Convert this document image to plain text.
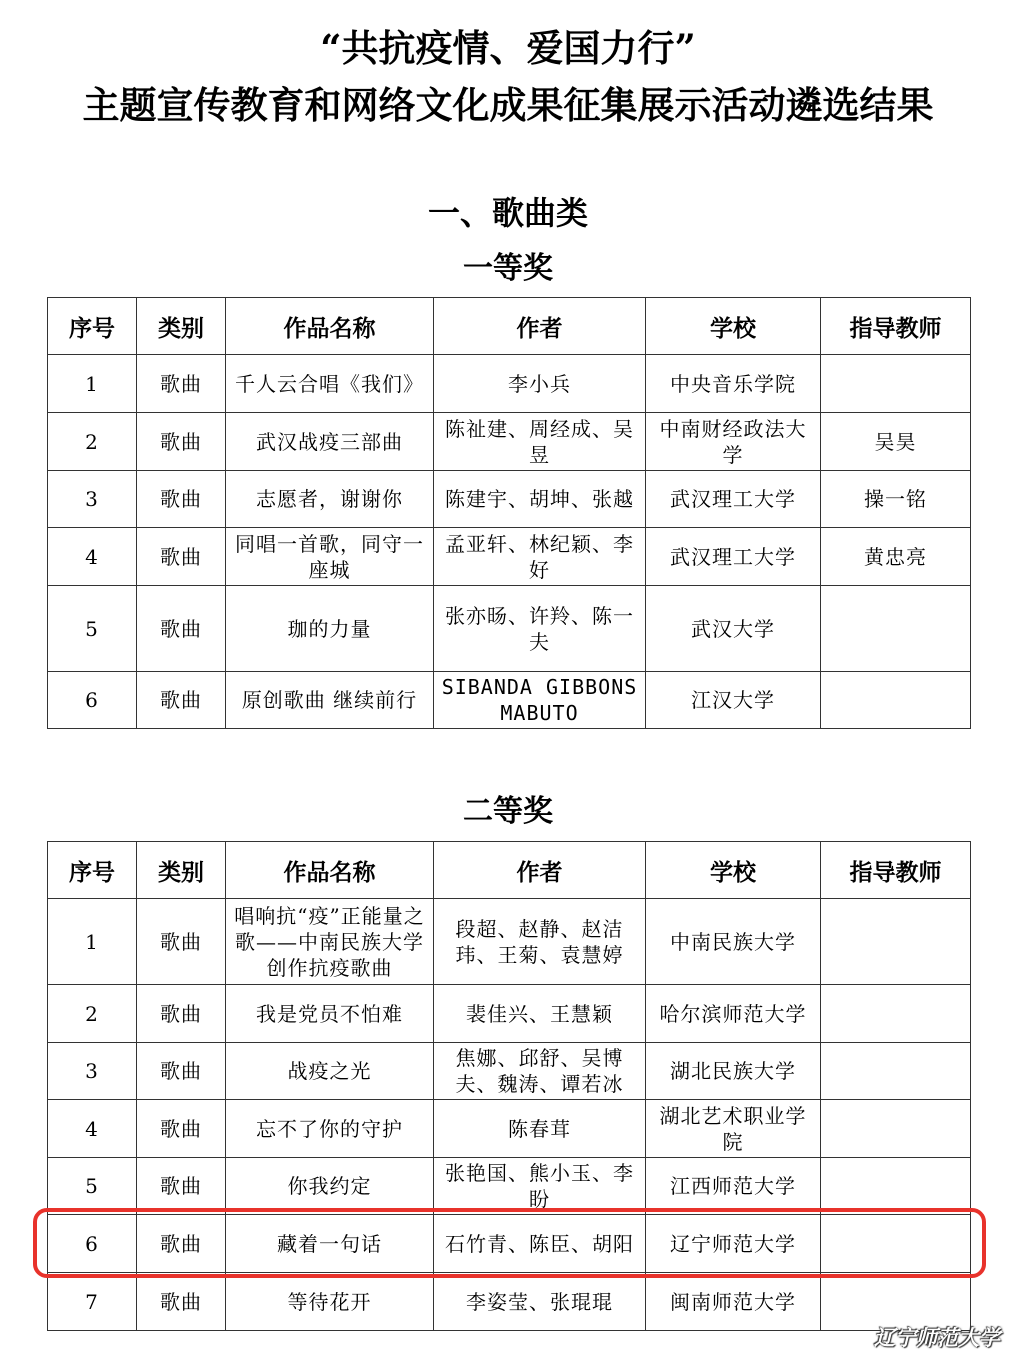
“共抗疫情、爱国力行”
主题宣传教育和网络文化成果征集展示活动遴选结果
一、歌曲类
一等奖
序号	类别	作品名称	作者	学校	指导教师
1	歌曲	千人云合唱《我们》	李小兵	中央音乐学院	
2	歌曲	武汉战疫三部曲	陈祉建、周经成、吴昱	中南财经政法大学	吴昊
3	歌曲	志愿者，谢谢你	陈建宇、胡坤、张越	武汉理工大学	操一铭
4	歌曲	同唱一首歌，同守一座城	孟亚轩、林纪颖、李好	武汉理工大学	黄忠亮
5	歌曲	珈的力量	张亦旸、许羚、陈一夫	武汉大学	
6	歌曲	原创歌曲 继续前行	SIBANDA GIBBONS MABUTO	江汉大学	
二等奖
序号	类别	作品名称	作者	学校	指导教师
1	歌曲	唱响抗“疫”正能量之歌——中南民族大学创作抗疫歌曲	段超、赵静、赵洁玮、王菊、袁慧婷	中南民族大学	
2	歌曲	我是党员不怕难	裴佳兴、王慧颖	哈尔滨师范大学	
3	歌曲	战疫之光	焦娜、邱舒、吴博夫、魏涛、谭若冰	湖北民族大学	
4	歌曲	忘不了你的守护	陈春茸	湖北艺术职业学院	
5	歌曲	你我约定	张艳国、熊小玉、李盼	江西师范大学	
6	歌曲	藏着一句话	石竹青、陈臣、胡阳	辽宁师范大学	
7	歌曲	等待花开	李姿莹、张琨琨	闽南师范大学	
辽宁师范大学
